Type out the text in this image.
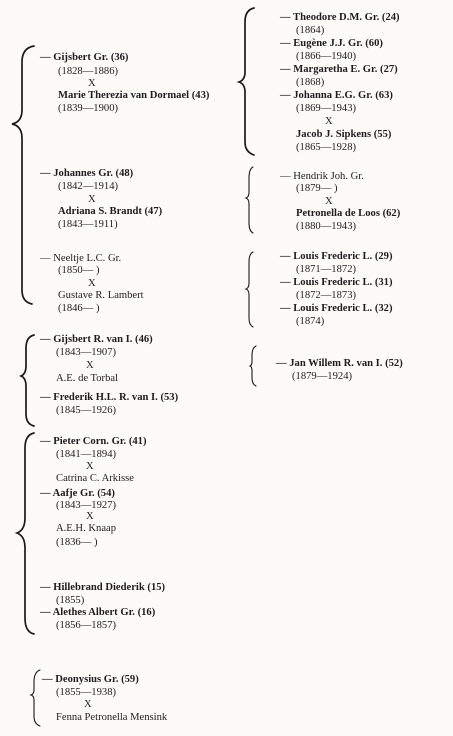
— Gijsbert Gr. (36)
(1828—1886)
X
Marie Therezia van Dormael (43)
(1839—1900)
— Johannes Gr. (48)
(1842—1914)
X
Adriana S. Brandt (47)
(1843—1911)
— Neeltje L.C. Gr.
(1850— )
X
Gustave R. Lambert
(1846— )
— Theodore D.M. Gr. (24)
(1864)
— Eugène J.J. Gr. (60)
(1866—1940)
— Margaretha E. Gr. (27)
(1868)
— Johanna E.G. Gr. (63)
(1869—1943)
X
Jacob J. Sipkens (55)
(1865—1928)
— Hendrik Joh. Gr.
(1879— )
X
Petronella de Loos (62)
(1880—1943)
— Louis Frederic L. (29)
(1871—1872)
— Louis Frederic L. (31)
(1872—1873)
— Louis Frederic L. (32)
(1874)
— Gijsbert R. van I. (46)
(1843—1907)
X
A.E. de Torbal
— Frederik H.L. R. van I. (53)
(1845—1926)
— Jan Willem R. van I. (52)
(1879—1924)
— Pieter Corn. Gr. (41)
(1841—1894)
X
Catrina C. Arkisse
— Aafje Gr. (54)
(1843—1927)
X
A.E.H. Knaap
(1836— )
— Hillebrand Diederik (15)
(1855)
— Alethes Albert Gr. (16)
(1856—1857)
— Deonysius Gr. (59)
(1855—1938)
X
Fenna Petronella Mensink
